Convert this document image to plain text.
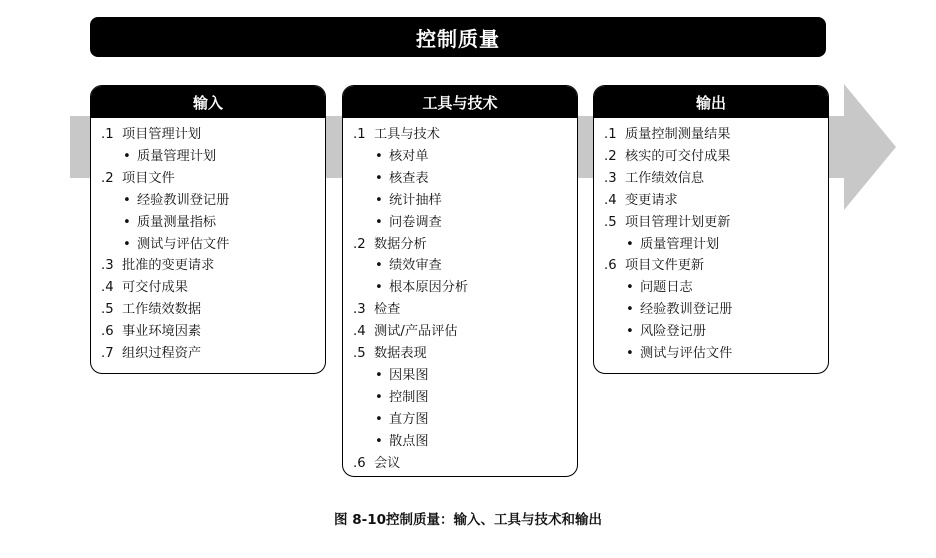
控制质量
输入
.1 项目管理计划
• 质量管理计划
.2 项目文件
• 经验教训登记册
• 质量测量指标
• 测试与评估文件
.3 批准的变更请求
.4 可交付成果
.5 工作绩效数据
.6 事业环境因素
.7 组织过程资产
工具与技术
.1 工具与技术
• 核对单
• 核查表
• 统计抽样
• 问卷调查
.2 数据分析
• 绩效审查
• 根本原因分析
.3 检查
.4 测试/产品评估
.5 数据表现
• 因果图
• 控制图
• 直方图
• 散点图
.6 会议
输出
.1 质量控制测量结果
.2 核实的可交付成果
.3 工作绩效信息
.4 变更请求
.5 项目管理计划更新
• 质量管理计划
.6 项目文件更新
• 问题日志
• 经验教训登记册
• 风险登记册
• 测试与评估文件
图 8-10控制质量：输入、工具与技术和输出
